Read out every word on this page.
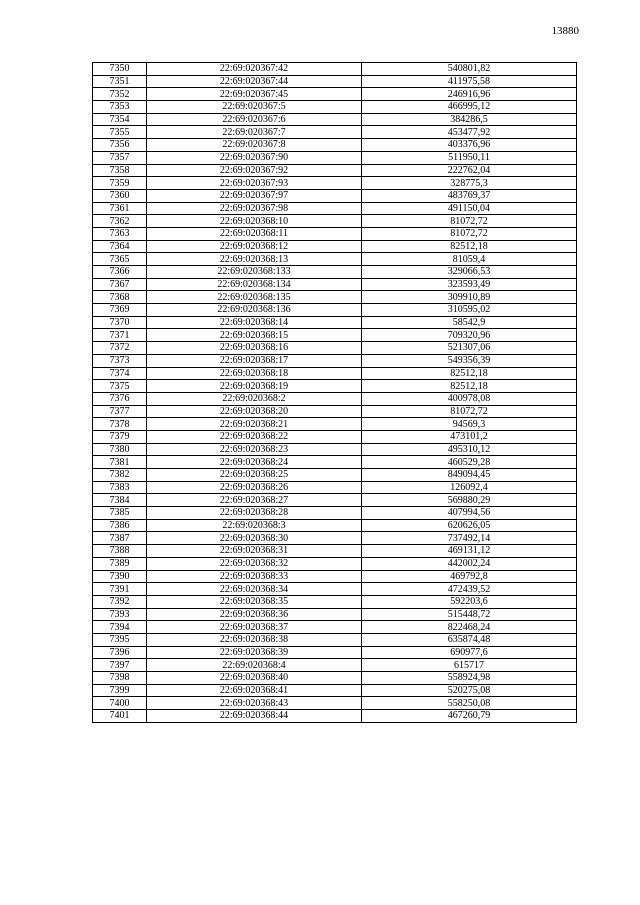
13880
7350	22:69:020367:42	540801,82
7351	22:69:020367:44	411975,58
7352	22:69:020367:45	246916,96
7353	22:69:020367:5	466995,12
7354	22:69:020367:6	384286,5
7355	22:69:020367:7	453477,92
7356	22:69:020367:8	403376,96
7357	22:69:020367:90	511950,11
7358	22:69:020367:92	222762,04
7359	22:69:020367:93	328775,3
7360	22:69:020367:97	483769,37
7361	22:69:020367:98	491150,04
7362	22:69:020368:10	81072,72
7363	22:69:020368:11	81072,72
7364	22:69:020368:12	82512,18
7365	22:69:020368:13	81059,4
7366	22:69:020368:133	329066,53
7367	22:69:020368:134	323593,49
7368	22:69:020368:135	309910,89
7369	22:69:020368:136	310595,02
7370	22:69:020368:14	58542,9
7371	22:69:020368:15	709320,96
7372	22:69:020368:16	521307,06
7373	22:69:020368:17	549356,39
7374	22:69:020368:18	82512,18
7375	22:69:020368:19	82512,18
7376	22:69:020368:2	400978,08
7377	22:69:020368:20	81072,72
7378	22:69:020368:21	94569,3
7379	22:69:020368:22	473101,2
7380	22:69:020368:23	495310,12
7381	22:69:020368:24	460529,28
7382	22:69:020368:25	849094,45
7383	22:69:020368:26	126092,4
7384	22:69:020368:27	569880,29
7385	22:69:020368:28	407994,56
7386	22:69:020368:3	620626,05
7387	22:69:020368:30	737492,14
7388	22:69:020368:31	469131,12
7389	22:69:020368:32	442002,24
7390	22:69:020368:33	469792,8
7391	22:69:020368:34	472439,52
7392	22:69:020368:35	592203,6
7393	22:69:020368:36	515448,72
7394	22:69:020368:37	822468,24
7395	22:69:020368:38	635874,48
7396	22:69:020368:39	690977,6
7397	22:69:020368:4	615717
7398	22:69:020368:40	558924,98
7399	22:69:020368:41	520275,08
7400	22:69:020368:43	558250,08
7401	22:69:020368:44	467260,79
